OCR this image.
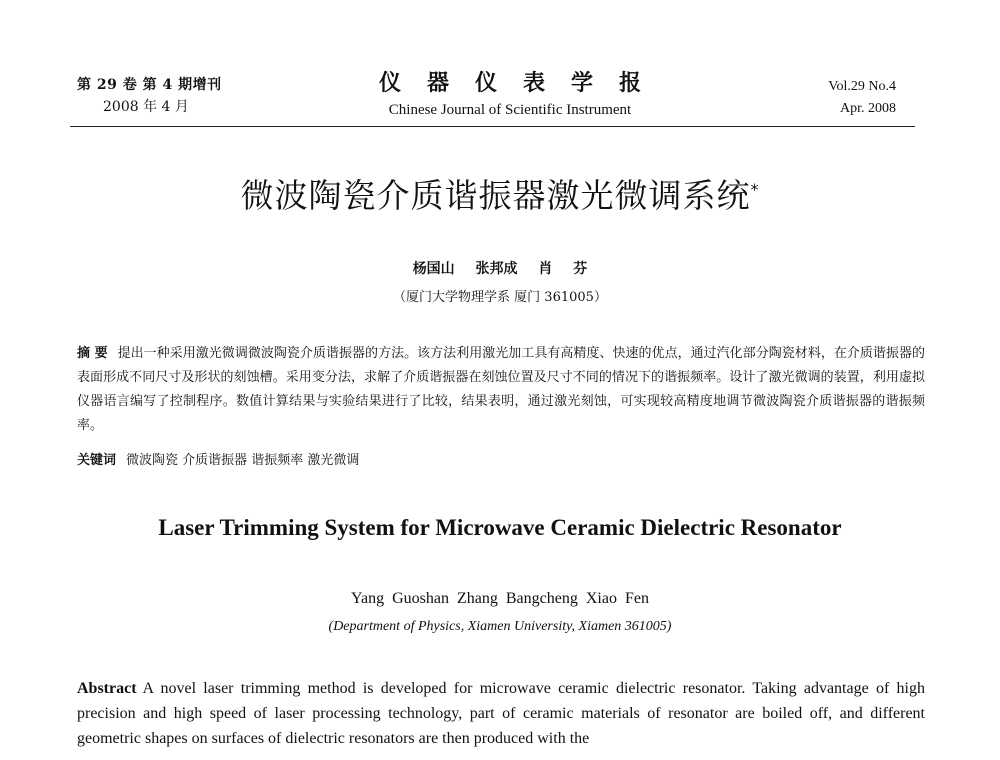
第 29 卷 第 4 期增刊
2008 年 4 月
仪器仪表学报
Chinese Journal of Scientific Instrument
Vol.29 No.4
Apr. 2008
微波陶瓷介质谐振器激光微调系统*
杨国山 张邦成 肖 芬
（厦门大学物理学系 厦门 361005）
摘 要 提出一种采用激光微调微波陶瓷介质谐振器的方法。该方法利用激光加工具有高精度、快速的优点，通过汽化部分陶瓷材料，在介质谐振器的表面形成不同尺寸及形状的刻蚀槽。采用变分法，求解了介质谐振器在刻蚀位置及尺寸不同的情况下的谐振频率。设计了激光微调的装置，利用虚拟仪器语言编写了控制程序。数值计算结果与实验结果进行了比较，结果表明，通过激光刻蚀，可实现较高精度地调节微波陶瓷介质谐振器的谐振频率。
关键词 微波陶瓷 介质谐振器 谐振频率 激光微调
Laser Trimming System for Microwave Ceramic Dielectric Resonator
Yang Guoshan Zhang Bangcheng Xiao Fen
(Department of Physics, Xiamen University, Xiamen 361005)
Abstract A novel laser trimming method is developed for microwave ceramic dielectric resonator. Taking advantage of high precision and high speed of laser processing technology, part of ceramic materials of resonator are boiled off, and different geometric shapes on surfaces of dielectric resonators are then produced with the
